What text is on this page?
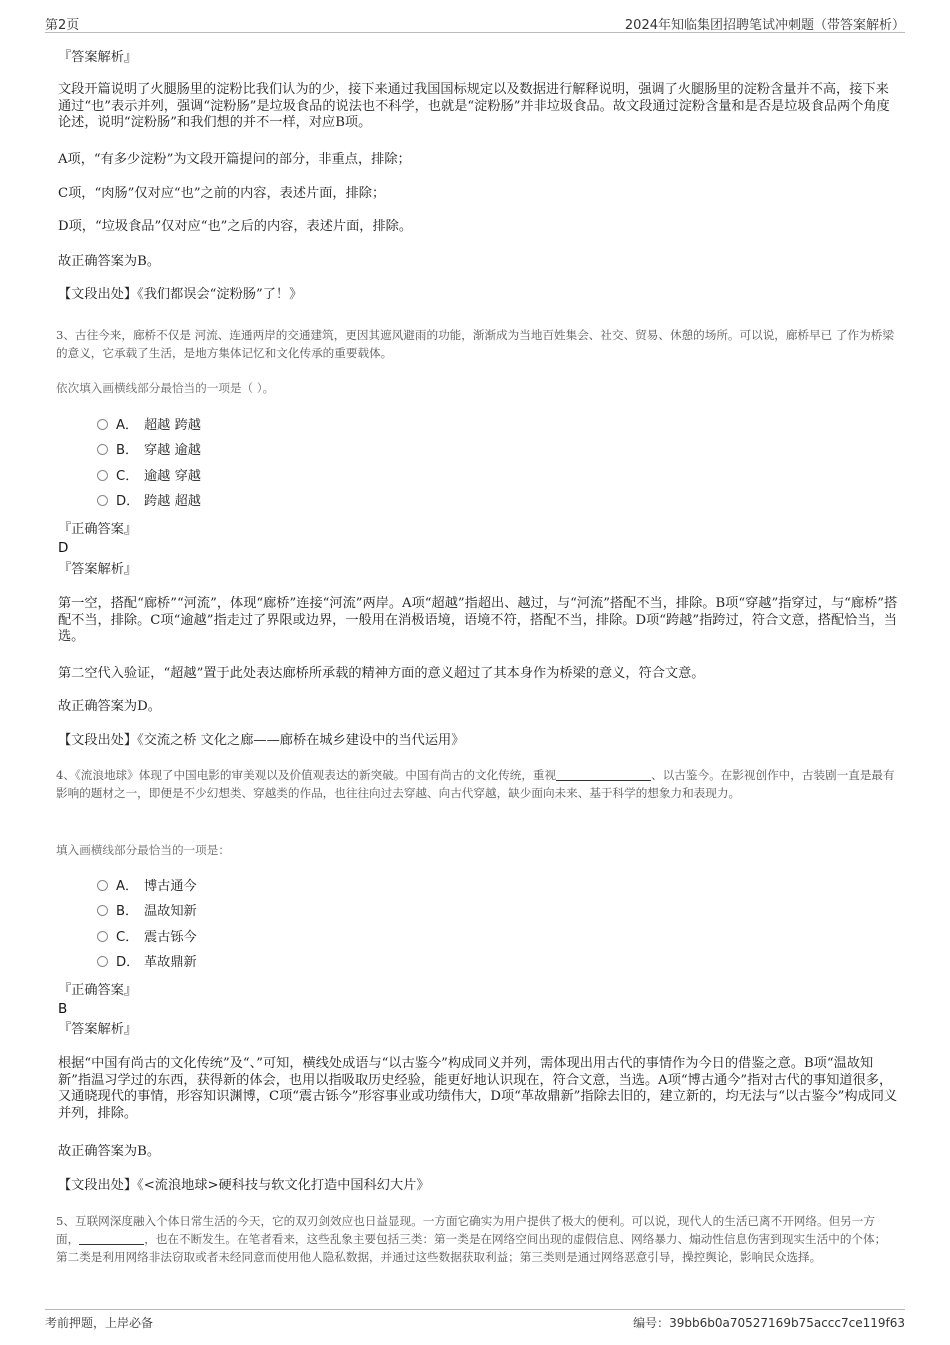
第2页	2024年知临集团招聘笔试冲刺题（带答案解析）
『答案解析』
文段开篇说明了火腿肠里的淀粉比我们认为的少，接下来通过我国国标规定以及数据进行解释说明，强调了火腿肠里的淀粉含量并不高，接下来通过“也”表示并列，强调“淀粉肠”是垃圾食品的说法也不科学，也就是“淀粉肠”并非垃圾食品。故文段通过淀粉含量和是否是垃圾食品两个角度论述，说明“淀粉肠”和我们想的并不一样，对应B项。
A项，“有多少淀粉”为文段开篇提问的部分，非重点，排除；
C项，“肉肠”仅对应“也”之前的内容，表述片面，排除；
D项，“垃圾食品”仅对应“也”之后的内容，表述片面，排除。
故正确答案为B。
【文段出处】《我们都误会“淀粉肠”了！》
3、古往今来，廊桥不仅是 河流、连通两岸的交通建筑，更因其遮风避雨的功能，渐渐成为当地百姓集会、社交、贸易、休憩的场所。可以说，廊桥早已 了作为桥梁的意义，它承载了生活，是地方集体记忆和文化传承的重要载体。
依次填入画横线部分最恰当的一项是（ ）。
A． 超越 跨越
B． 穿越 逾越
C． 逾越 穿越
D． 跨越 超越
『正确答案』
D
『答案解析』
第一空，搭配“廊桥”“河流”，体现“廊桥”连接“河流”两岸。A项“超越”指超出、越过，与“河流”搭配不当，排除。B项“穿越”指穿过，与“廊桥”搭配不当，排除。C项“逾越”指走过了界限或边界，一般用在消极语境，语境不符，搭配不当，排除。D项“跨越”指跨过，符合文意，搭配恰当，当选。
第二空代入验证，“超越”置于此处表达廊桥所承载的精神方面的意义超过了其本身作为桥梁的意义，符合文意。
故正确答案为D。
【文段出处】《交流之桥 文化之廊——廊桥在城乡建设中的当代运用》
4、《流浪地球》体现了中国电影的审美观以及价值观表达的新突破。中国有尚古的文化传统，重视	、以古鉴今。在影视创作中，古装剧一直是最有影响的题材之一，即便是不少幻想类、穿越类的作品，也往往向过去穿越、向古代穿越，缺少面向未来、基于科学的想象力和表现力。
填入画横线部分最恰当的一项是：
A． 博古通今
B． 温故知新
C． 震古铄今
D． 革故鼎新
『正确答案』
B
『答案解析』
根据“中国有尚古的文化传统”及“、”可知，横线处成语与“以古鉴今”构成同义并列，需体现出用古代的事情作为今日的借鉴之意。B项“温故知新”指温习学过的东西，获得新的体会，也用以指吸取历史经验，能更好地认识现在，符合文意，当选。A项“博古通今”指对古代的事知道很多，又通晓现代的事情，形容知识渊博，C项“震古铄今”形容事业或功绩伟大，D项“革故鼎新”指除去旧的，建立新的，均无法与“以古鉴今”构成同义并列，排除。
故正确答案为B。
【文段出处】《<流浪地球>硬科技与软文化打造中国科幻大片》
5、互联网深度融入个体日常生活的今天，它的双刃剑效应也日益显现。一方面它确实为用户提供了极大的便利。可以说，现代人的生活已离不开网络。但另一方面，	，也在不断发生。在笔者看来，这些乱象主要包括三类：第一类是在网络空间出现的虚假信息、网络暴力、煽动性信息伤害到现实生活中的个体；第二类是利用网络非法窃取或者未经同意而使用他人隐私数据，并通过这些数据获取利益；第三类则是通过网络恶意引导，操控舆论，影响民众选择。
考前押题，上岸必备	编号：39bb6b0a70527169b75accc7ce119f63
